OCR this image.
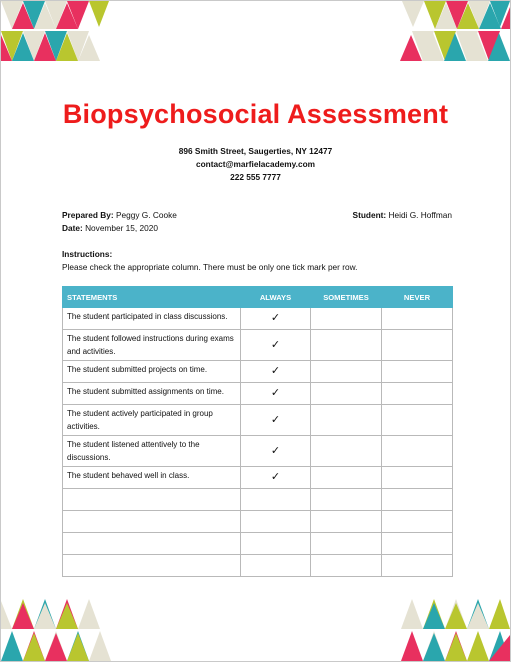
Biopsychosocial Assessment
896 Smith Street, Saugerties, NY 12477
contact@marfielacademy.com
222 555 7777
Prepared By: Peggy G. Cooke
Date: November 15, 2020
Student: Heidi G. Hoffman
Instructions:
Please check the appropriate column. There must be only one tick mark per row.
STATEMENTS	ALWAYS	SOMETIMES	NEVER
The student participated in class discussions.	✓		
The student followed instructions during exams and activities.	✓		
The student submitted projects on time.	✓		
The student submitted assignments on time.	✓		
The student actively participated in group activities.	✓		
The student listened attentively to the discussions.	✓		
The student behaved well in class.	✓		
